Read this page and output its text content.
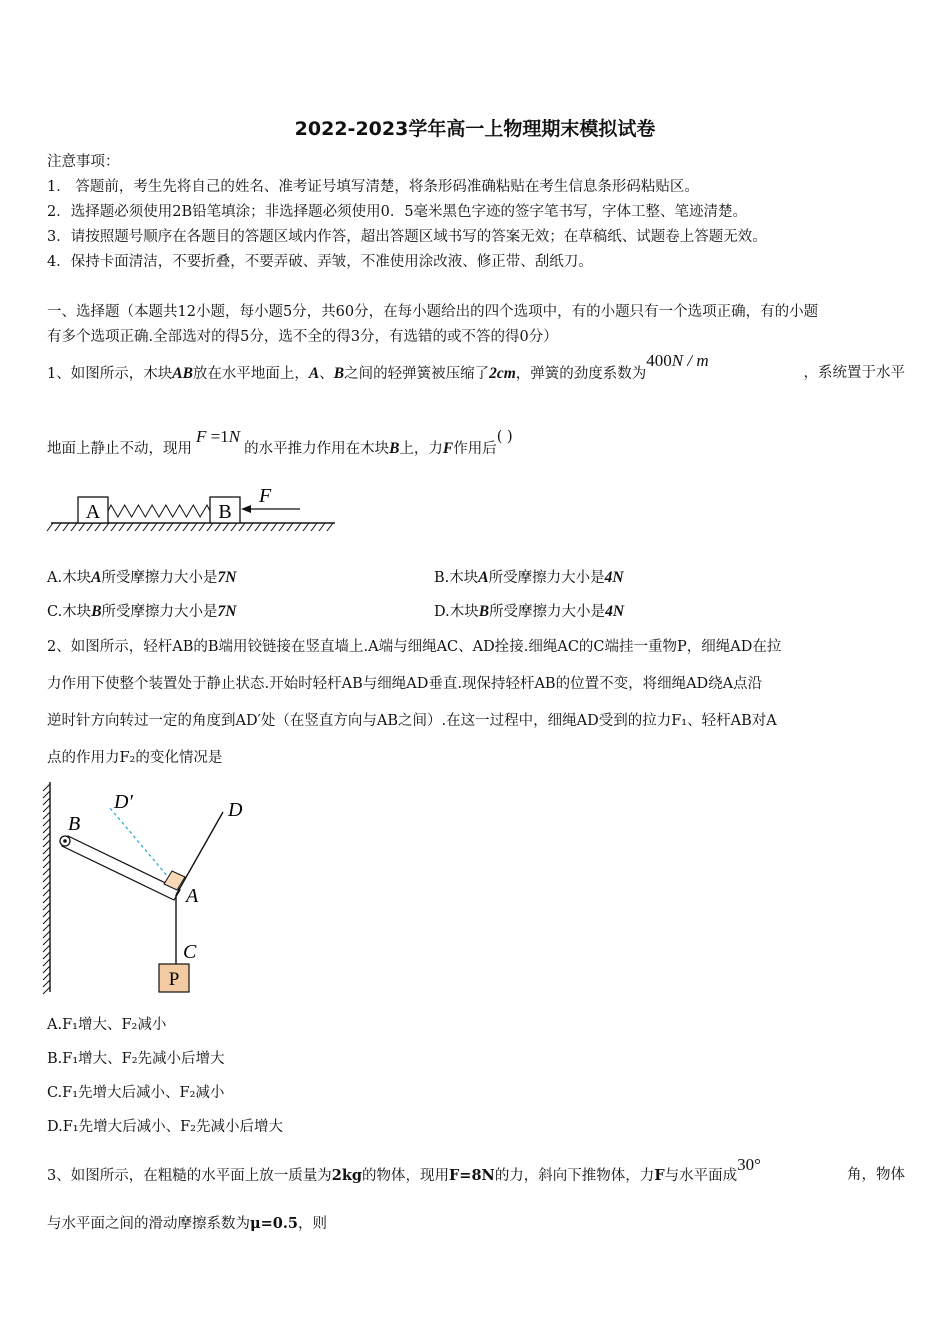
2022-2023学年高一上物理期末模拟试卷
注意事项：
1． 答题前，考生先将自己的姓名、准考证号填写清楚，将条形码准确粘贴在考生信息条形码粘贴区。
2．选择题必须使用2B铅笔填涂；非选择题必须使用0．5毫米黑色字迹的签字笔书写，字体工整、笔迹清楚。
3．请按照题号顺序在各题目的答题区域内作答，超出答题区域书写的答案无效；在草稿纸、试题卷上答题无效。
4．保持卡面清洁，不要折叠，不要弄破、弄皱，不准使用涂改液、修正带、刮纸刀。
一、选择题（本题共12小题，每小题5分，共60分，在每小题给出的四个选项中，有的小题只有一个选项正确，有的小题
有多个选项正确.全部选对的得5分，选不全的得3分，有选错的或不答的得0分）
1、如图所示，木块AB放在水平地面上，A、B之间的轻弹簧被压缩了2cm，弹簧的劲度系数为400N / m
，系统置于水平
地面上静止不动，现用F =1N的水平推力作用在木块B上，力F作用后( )
A	B
F
A.木块A所受摩擦力大小是7N	B.木块A所受摩擦力大小是4N
C.木块B所受摩擦力大小是7N	D.木块B所受摩擦力大小是4N
2、如图所示，轻杆AB的B端用铰链接在竖直墙上.A端与细绳AC、AD拴接.细绳AC的C端挂一重物P，细绳AD在拉
力作用下使整个装置处于静止状态.开始时轻杆AB与细绳AD垂直.现保持轻杆AB的位置不变，将细绳AD绕A点沿
逆时针方向转过一定的角度到AD′处（在竖直方向与AB之间）.在这一过程中，细绳AD受到的拉力F₁、轻杆AB对A
点的作用力F₂的变化情况是
P
B
D′	D
A
C
A.F₁增大、F₂减小
B.F₁增大、F₂先减小后增大
C.F₁先增大后减小、F₂减小
D.F₁先增大后减小、F₂先减小后增大
3、如图所示，在粗糙的水平面上放一质量为2kg的物体，现用F=8N的力，斜向下推物体，力F与水平面成30°
角，物体
与水平面之间的滑动摩擦系数为μ=0.5，则
